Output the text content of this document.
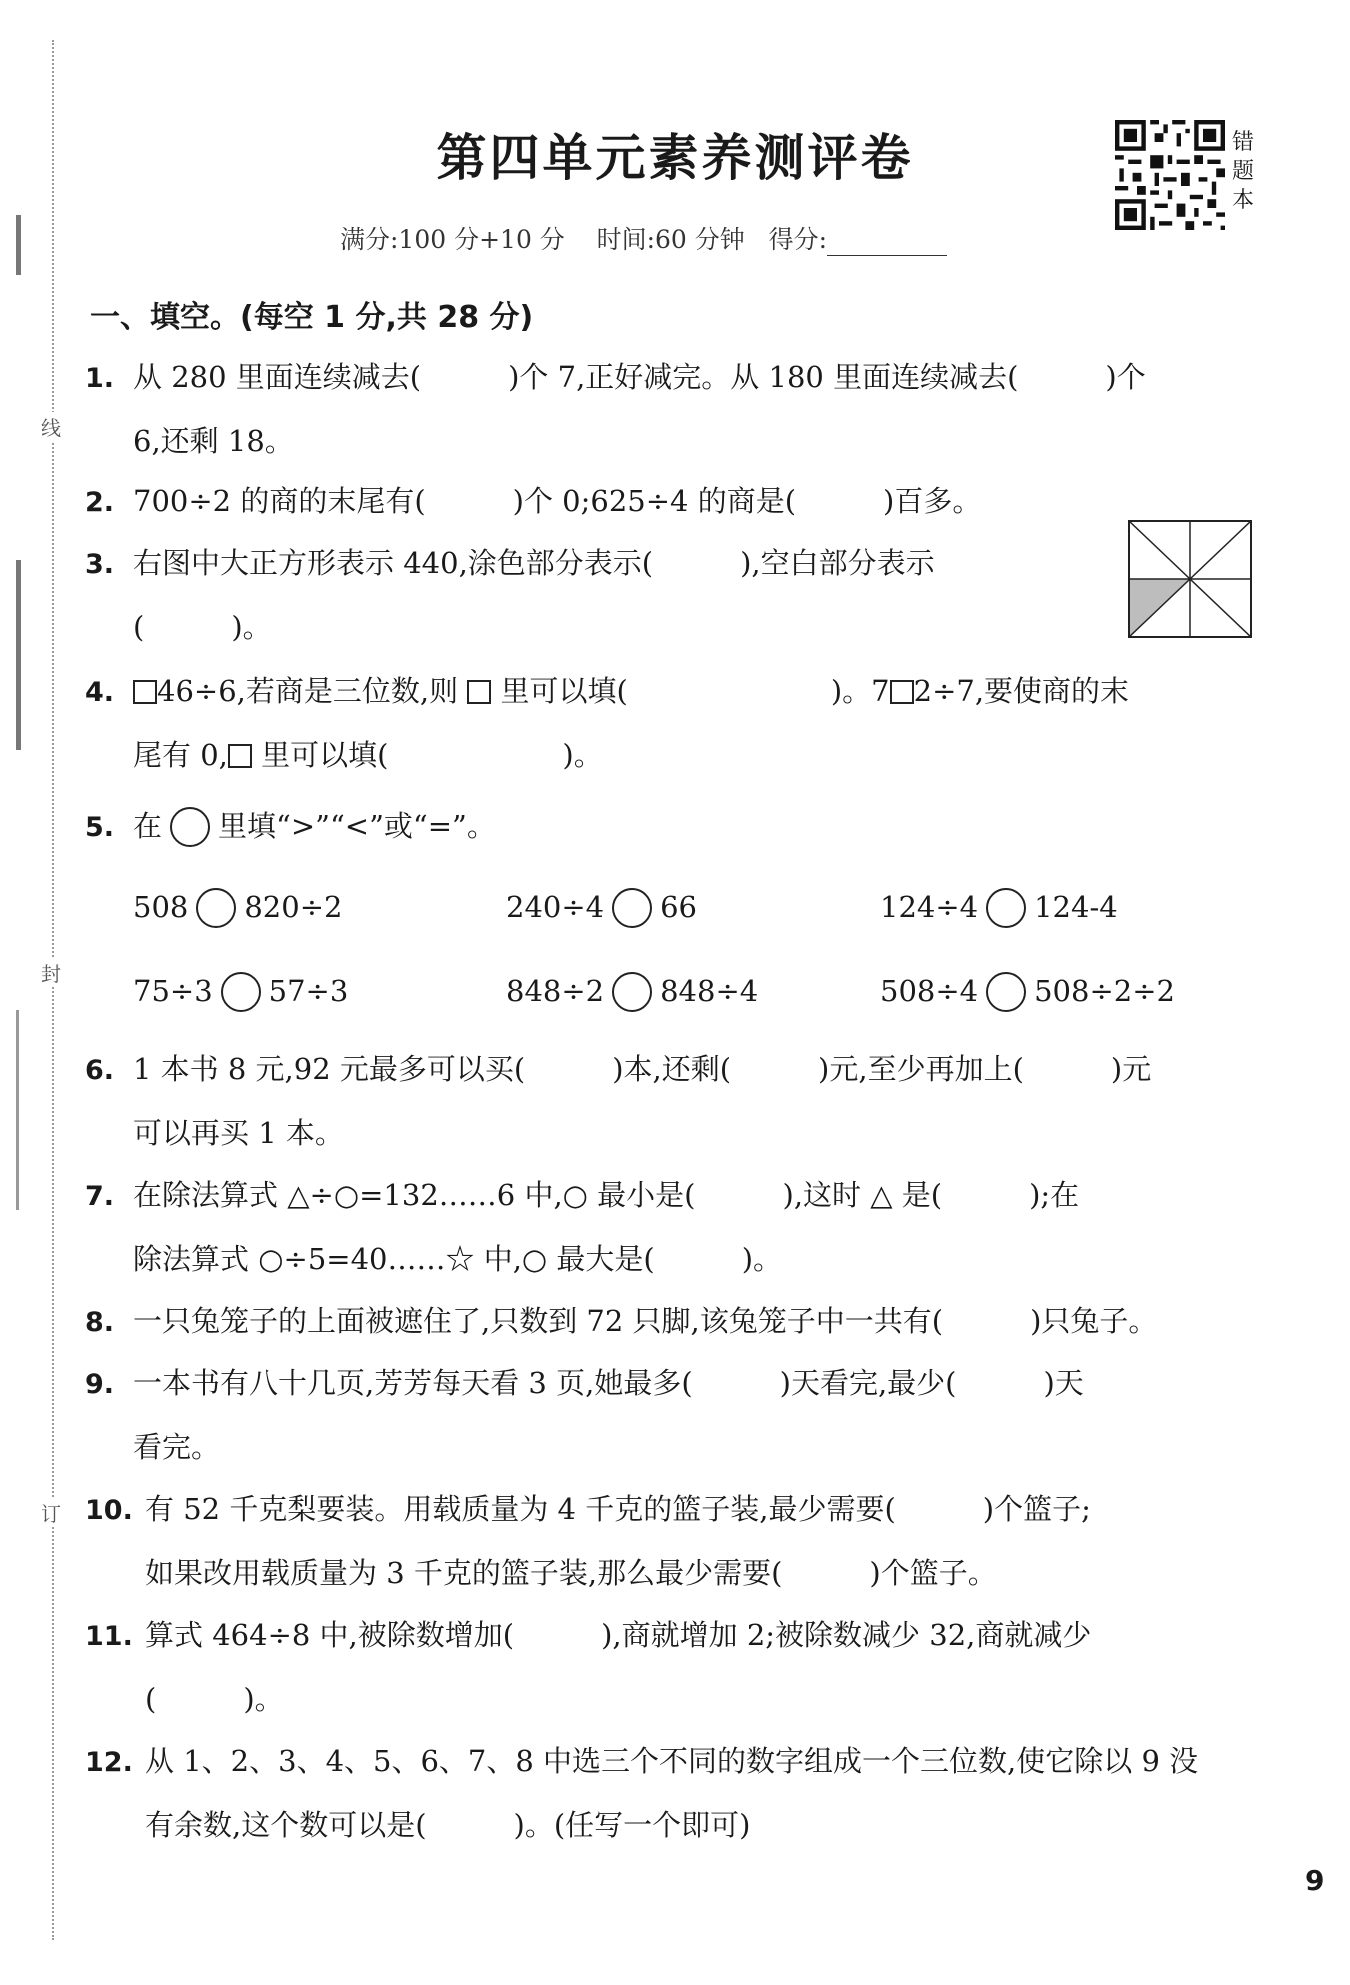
线
封
订
第四单元素养测评卷
满分:100 分+10 分 时间:60 分钟 得分:
错题本
一、填空。(每空 1 分,共 28 分)
1. 从 280 里面连续减去(　　　)个 7,正好减完。从 180 里面连续减去(　　　)个
6,还剩 18。
2. 700÷2 的商的末尾有(　　　)个 0;625÷4 的商是(　　　)百多。
3. 右图中大正方形表示 440,涂色部分表示(　　　),空白部分表示
(　　　)。
4. 46÷6,若商是三位数,则 里可以填(　　　　　　　)。7 2÷7,要使商的末
尾有 0, 里可以填(　　　　　　)。
5. 在 里填“>”“<”或“=”。
508 820÷2	240÷4 66	124÷4 124-4
75÷3 57÷3	848÷2 848÷4	508÷4 508÷2÷2
6. 1 本书 8 元,92 元最多可以买(　　　)本,还剩(　　　)元,至少再加上(　　　)元
可以再买 1 本。
7. 在除法算式 △÷○=132……6 中,○ 最小是(　　　),这时 △ 是(　　　);在
除法算式 ○÷5=40……☆ 中,○ 最大是(　　　)。
8. 一只兔笼子的上面被遮住了,只数到 72 只脚,该兔笼子中一共有(　　　)只兔子。
9. 一本书有八十几页,芳芳每天看 3 页,她最多(　　　)天看完,最少(　　　)天
看完。
10. 有 52 千克梨要装。用载质量为 4 千克的篮子装,最少需要(　　　)个篮子;
如果改用载质量为 3 千克的篮子装,那么最少需要(　　　)个篮子。
11. 算式 464÷8 中,被除数增加(　　　),商就增加 2;被除数减少 32,商就减少
(　　　)。
12. 从 1、2、3、4、5、6、7、8 中选三个不同的数字组成一个三位数,使它除以 9 没
有余数,这个数可以是(　　　)。(任写一个即可)
9
